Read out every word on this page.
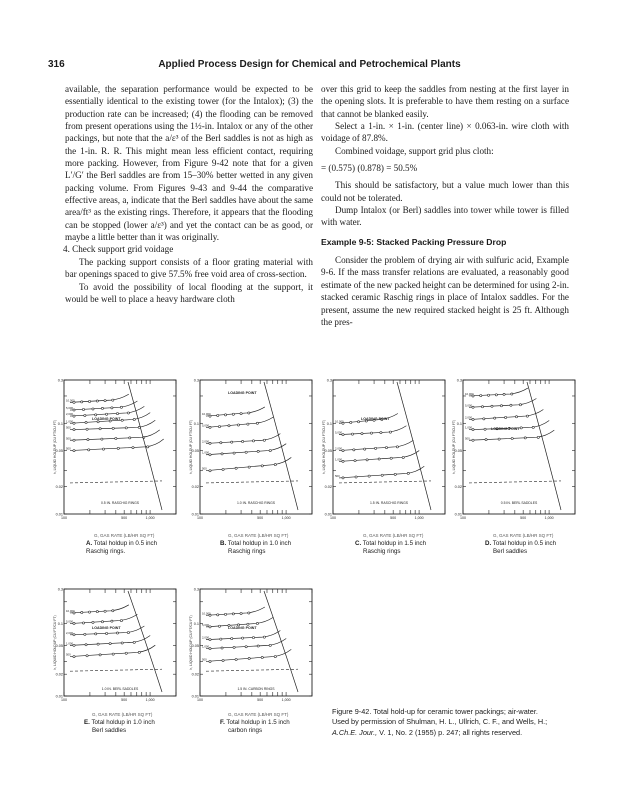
316	Applied Process Design for Chemical and Petrochemical Plants

available, the separation performance would be expected to be essentially identical to the existing tower (for the Intalox); (3) the production rate can be increased; (4) the flooding can be removed from present operations using the 1½-in. Intalox or any of the other packings, but note that the a/ε³ of the Berl saddles is not as high as the 1-in. R. R. This might mean less efficient contact, requiring more packing. However, from Figure 9-42 note that for a given L′/G′ the Berl saddles are from 15–30% better wetted in any given packing volume. From Figures 9-43 and 9-44 the comparative effective areas, a, indicate that the Berl saddles have about the same area/ft³ as the existing rings. Therefore, it appears that the flooding can be stopped (lower a/ε³) and yet the contact can be as good, or maybe a little better than it was originally.

4. Check support grid voidage

The packing support consists of a floor grating material with bar openings spaced to give 57.5% free void area of cross-section.

To avoid the possibility of local flooding at the support, it would be well to place a heavy hardware cloth

over this grid to keep the saddles from nesting at the first layer in the opening slots. It is preferable to have them resting on a surface that cannot be blanked easily.

Select a 1-in. × 1-in. (center line) × 0.063-in. wire cloth with voidage of 87.8%.

Combined voidage, support grid plus cloth:

= (0.575) (0.878) = 50.5%

This should be satisfactory, but a value much lower than this could not be tolerated.

Dump Intalox (or Berl) saddles into tower while tower is filled with water.

Example 9-5: Stacked Packing Pressure Drop

Consider the problem of drying air with sulfuric acid, Example 9-6. If the mass transfer relations are evaluated, a reasonably good estimate of the new packed height can be determined for using 2-in. stacked ceramic Raschig rings in place of Intalox saddles. For the present, assume the new required stacked height is 25 ft. Although the pres-

0.3
0.1
0.05
0.02
0.01
100	500	1,000
h, LIQUID HOLDUP (CU FT/CU FT)
10,000
5,000
2,000
1,000
500
500
500
LOADING POINT
0.5 IN. RASCHIG RINGS
0.3
0.1
0.05
0.02
0.01
100	500	1,000
h, LIQUID HOLDUP (CU FT/CU FT)
10,000
5,000
2,000
1,000
500
LOADING POINT
1.0 IN. RASCHIG RINGS
0.3
0.1
0.05
0.02
0.01
100	500	1,000
h, LIQUID HOLDUP (CU FT/CU FT)	10,000
5,000
2,000
1,000
500
LOADING POINT
1.5 IN. RASCHIG RINGS
0.3
0.1
0.05
0.02
0.01
100	500	1,000
h, LIQUID HOLDUP (CU FT/CU FT)
10,000
5,000
2,000
1,000
500
LOADING POINT
0.5 IN. BERL SADDLES
0.3
0.1
0.05
0.02
0.01
100	500	1,000
h, LIQUID HOLDUP (CU FT/CU FT)
10,000
5,000
2,000
1,000
500
LOADING POINT
1.0 IN. BERL SADDLES
0.3
0.1
0.05
0.02
0.01
100	500	1,000
h, LIQUID HOLDUP (CU FT/CU FT)
10,000
5,000
2,000
1,000
500
LOADING POINT
1.5 IN. CARBON RINGS
G, GAS RATE (LB/HR SQ FT)
A. Total holdup in 0.5 inch
Raschig rings.
G, GAS RATE (LB/HR SQ FT)
B. Total holdup in 1.0 inch
Raschig rings
G, GAS RATE (LB/HR SQ FT)
C. Total holdup in 1.5 inch
Raschig rings
G, GAS RATE (LB/HR SQ FT)
D. Total holdup in 0.5 inch
Berl saddles
G, GAS RATE (LB/HR SQ FT)
E. Total holdup in 1.0 inch
Berl saddles
G, GAS RATE (LB/HR SQ FT)
F. Total holdup in 1.5 inch
carbon rings
Figure 9-42. Total hold-up for ceramic tower packings; air-water.
Used by permission of Shulman, H. L., Ullrich, C. F., and Wells, H.;
A.Ch.E. Jour., V. 1, No. 2 (1955) p. 247; all rights reserved.
